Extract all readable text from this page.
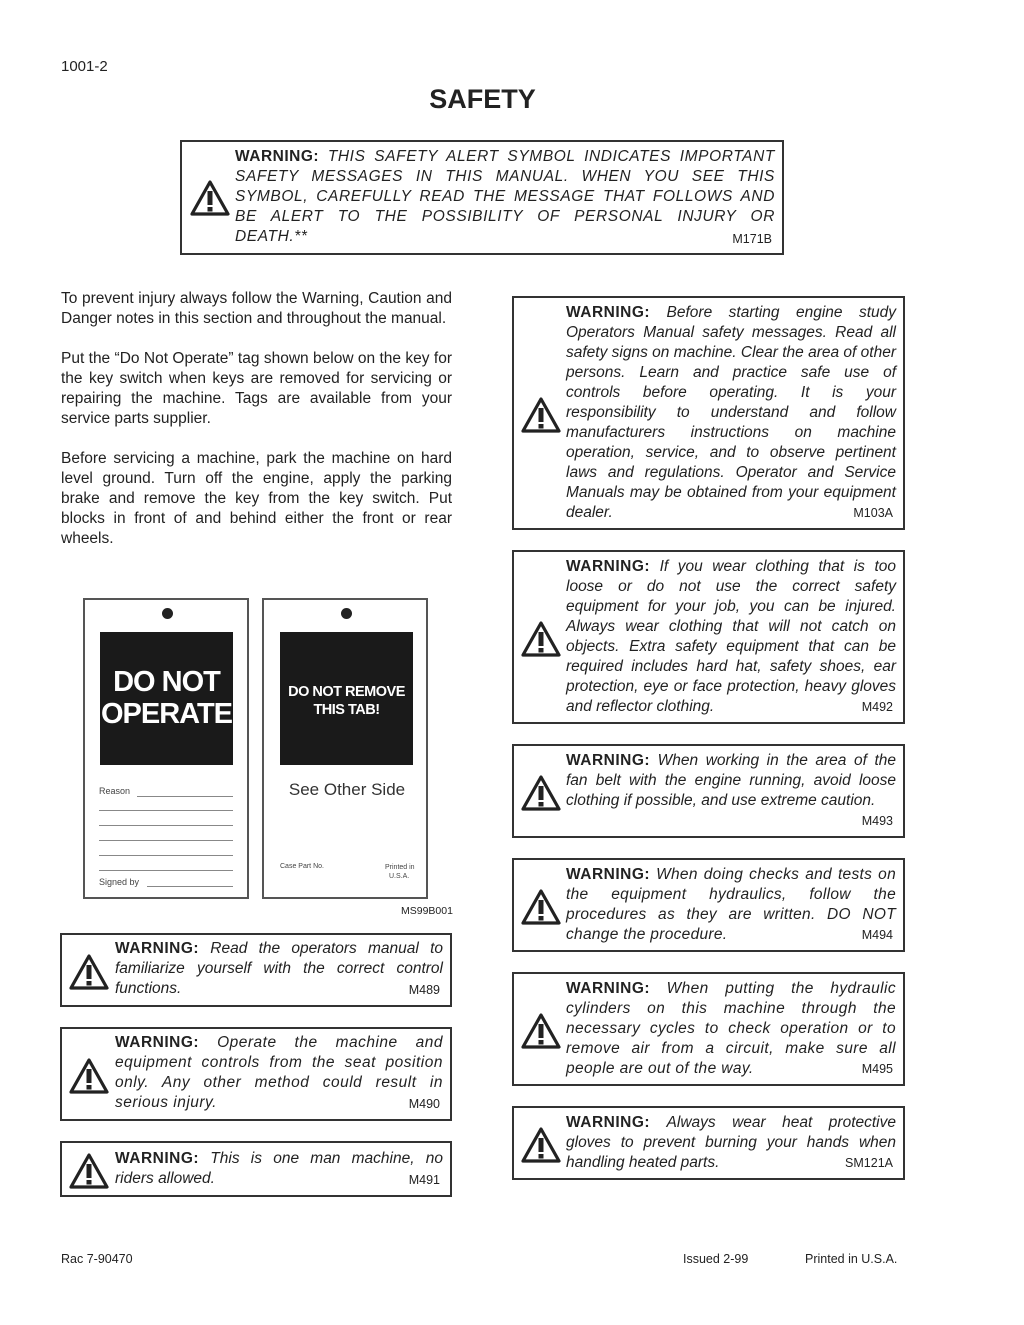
1001-2
SAFETY
WARNING: THIS SAFETY ALERT SYMBOL INDICATES IMPORTANT SAFETY MESSAGES IN THIS MANUAL. WHEN YOU SEE THIS SYMBOL, CAREFULLY READ THE MESSAGE THAT FOLLOWS AND BE ALERT TO THE POSSIBILITY OF PERSONAL INJURY OR DEATH.**	M171B

To prevent injury always follow the Warning, Caution and Danger notes in this section and throughout the manual.

Put the “Do Not Operate” tag shown below on the key for the key switch when keys are removed for servicing or repairing the machine. Tags are available from your service parts supplier.

Before servicing a machine, park the machine on hard level ground. Turn off the engine, apply the parking brake and remove the key from the key switch. Put blocks in front of and behind either the front or rear wheels.

DO NOT
OPERATE
Reason
Signed by
DO NOT REMOVE
THIS TAB!
See Other Side
Case Part No.	Printed in
U.S.A.
MS99B001
WARNING: Read the operators manual to familiarize yourself with the correct control functions.	M489
WARNING: Operate the machine and equipment controls from the seat position only. Any other method could result in serious injury.	M490
WARNING: This is one man machine, no riders allowed.	M491
WARNING: Before starting engine study Operators Manual safety messages. Read all safety signs on machine. Clear the area of other persons. Learn and practice safe use of controls before operating. It is your responsibility to understand and follow manufacturers instructions on machine operation, service, and to observe pertinent laws and regulations. Operator and Service Manuals may be obtained from your equipment dealer.	M103A
WARNING: If you wear clothing that is too loose or do not use the correct safety equipment for your job, you can be injured. Always wear clothing that will not catch on objects. Extra safety equipment that can be required includes hard hat, safety shoes, ear protection, eye or face protection, heavy gloves and reflector clothing.	M492
WARNING: When working in the area of the fan belt with the engine running, avoid loose clothing if possible, and use extreme caution.
M493
WARNING: When doing checks and tests on the equipment hydraulics, follow the procedures as they are written. DO NOT change the procedure.	M494
WARNING: When putting the hydraulic cylinders on this machine through the necessary cycles to check operation or to remove air from a circuit, make sure all people are out of the way.	M495
WARNING: Always wear heat protective gloves to prevent burning your hands when handling heated parts.	SM121A
Rac 7-90470	Issued 2-99	Printed in U.S.A.
